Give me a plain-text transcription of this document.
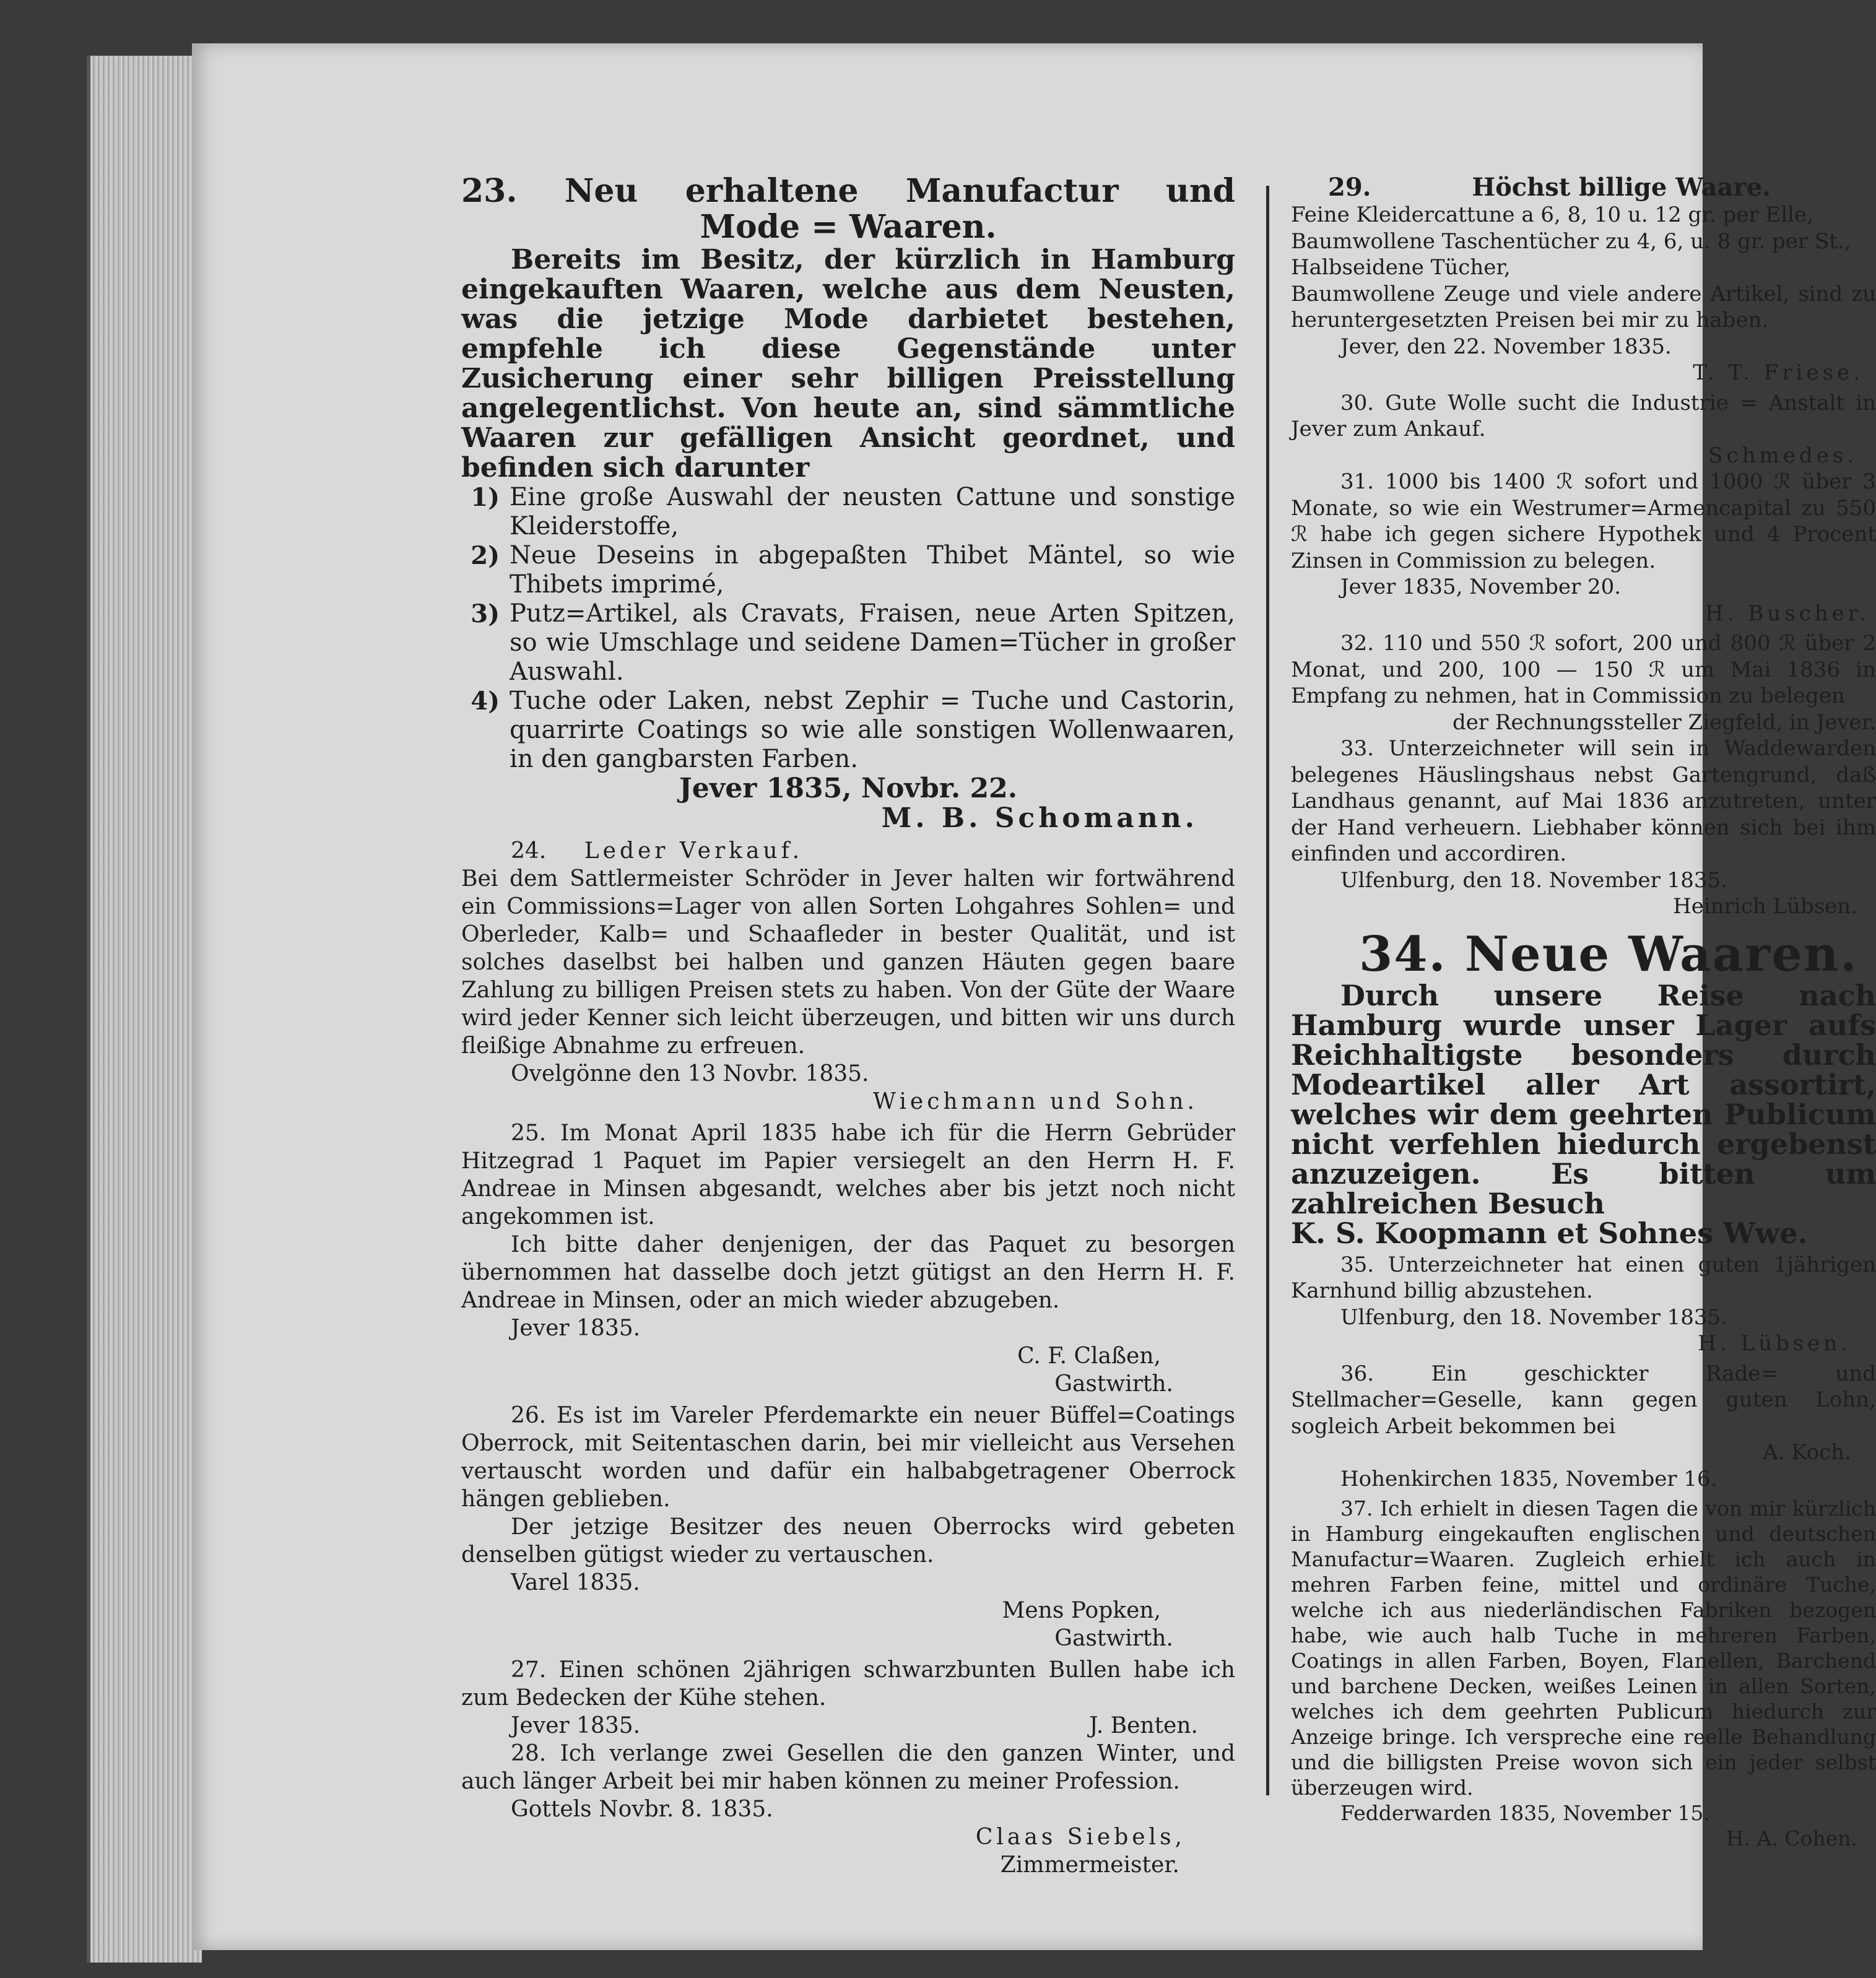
23. Neu erhaltene Manufactur und

Mode = Waaren.

Bereits im Besitz, der kürzlich in Hamburg eingekauften Waaren, welche aus dem Neusten, was die jetzige Mode darbietet bestehen, empfehle ich diese Gegenstände unter Zusicherung einer sehr billigen Preisstellung angelegentlichst. Von heute an, sind sämmtliche Waaren zur gefälligen Ansicht geordnet, und befinden sich darunter

1) Eine große Auswahl der neusten Cattune und sonstige Kleiderstoffe,
2) Neue Deseins in abgepaßten Thibet Mäntel, so wie Thibets imprimé,
3) Putz=Artikel, als Cravats, Fraisen, neue Arten Spitzen, so wie Umschlage und seidene Damen=Tücher in großer Auswahl.
4) Tuche oder Laken, nebst Zephir = Tuche und Castorin, quarrirte Coatings so wie alle sonstigen Wollenwaaren, in den gangbarsten Farben.

Jever 1835, Novbr. 22.

M. B. Schomann.

24. Leder Verkauf.

Bei dem Sattlermeister Schröder in Jever halten wir fortwährend ein Commissions=Lager von allen Sorten Lohgahres Sohlen= und Oberleder, Kalb= und Schaafleder in bester Qualität, und ist solches daselbst bei halben und ganzen Häuten gegen baare Zahlung zu billigen Preisen stets zu haben. Von der Güte der Waare wird jeder Kenner sich leicht überzeugen, und bitten wir uns durch fleißige Abnahme zu erfreuen.

Ovelgönne den 13 Novbr. 1835.

Wiechmann und Sohn.

25. Im Monat April 1835 habe ich für die Herrn Gebrüder Hitzegrad 1 Paquet im Papier versiegelt an den Herrn H. F. Andreae in Minsen abgesandt, welches aber bis jetzt noch nicht angekommen ist.

Ich bitte daher denjenigen, der das Paquet zu besorgen übernommen hat dasselbe doch jetzt gütigst an den Herrn H. F. Andreae in Minsen, oder an mich wieder abzugeben.

Jever 1835.

C. F. Claßen,

Gastwirth.

26. Es ist im Vareler Pferdemarkte ein neuer Büffel=Coatings Oberrock, mit Seitentaschen darin, bei mir vielleicht aus Versehen vertauscht worden und dafür ein halbabgetragener Oberrock hängen geblieben.

Der jetzige Besitzer des neuen Oberrocks wird gebeten denselben gütigst wieder zu vertauschen.

Varel 1835.

Mens Popken,

Gastwirth.

27. Einen schönen 2jährigen schwarzbunten Bullen habe ich zum Bedecken der Kühe stehen.

Jever 1835.	J. Benten.

28. Ich verlange zwei Gesellen die den ganzen Winter, und auch länger Arbeit bei mir haben können zu meiner Profession.

Gottels Novbr. 8. 1835.

Claas Siebels,

Zimmermeister.

29.	Höchst billige Waare.

Feine Kleidercattune a 6, 8, 10 u. 12 gr. per Elle,

Baumwollene Taschentücher zu 4, 6, u. 8 gr. per St.,

Halbseidene Tücher,

Baumwollene Zeuge und viele andere Artikel, sind zu heruntergesetzten Preisen bei mir zu haben.

Jever, den 22. November 1835.

T. T. Friese.

30. Gute Wolle sucht die Industrie = Anstalt in Jever zum Ankauf.

Schmedes.

31. 1000 bis 1400 ℛ sofort und 1000 ℛ über 3 Monate, so wie ein Westrumer=Armencapital zu 550 ℛ habe ich gegen sichere Hypothek und 4 Procent Zinsen in Commission zu belegen.

Jever 1835, November 20.

H. Buscher.

32. 110 und 550 ℛ sofort, 200 und 800 ℛ über 2 Monat, und 200, 100 — 150 ℛ um Mai 1836 in Empfang zu nehmen, hat in Commission zu belegen

der Rechnungssteller Ziegfeld, in Jever.

33. Unterzeichneter will sein in Waddewarden belegenes Häuslingshaus nebst Gartengrund, daß Landhaus genannt, auf Mai 1836 anzutreten, unter der Hand verheuern. Liebhaber können sich bei ihm einfinden und accordiren.

Ulfenburg, den 18. November 1835.

Heinrich Lübsen.

34. Neue Waaren.

Durch unsere Reise nach Hamburg wurde unser Lager aufs Reichhaltigste besonders durch Modeartikel aller Art assortirt, welches wir dem geehrten Publicum nicht verfehlen hiedurch ergebenst anzuzeigen. Es bitten um zahlreichen Besuch

K. S. Koopmann et Sohnes Wwe.

35. Unterzeichneter hat einen guten 1jährigen Karnhund billig abzustehen.

Ulfenburg, den 18. November 1835.

H. Lübsen.

36.	Ein geschickter Rade= und Stellmacher=Geselle, kann gegen guten Lohn, sogleich Arbeit bekommen bei

A. Koch.

Hohenkirchen 1835, November 16.

37. Ich erhielt in diesen Tagen die von mir kürzlich in Hamburg eingekauften englischen und deutschen Manufactur=Waaren. Zugleich erhielt ich auch in mehren Farben feine, mittel und ordinäre Tuche, welche ich aus niederländischen Fabriken bezogen habe, wie auch halb Tuche in mehreren Farben, Coatings in allen Farben, Boyen, Flanellen, Barchend und barchene Decken, weißes Leinen in allen Sorten, welches ich dem geehrten Publicum hiedurch zur Anzeige bringe. Ich verspreche eine reelle Behandlung und die billigsten Preise wovon sich ein jeder selbst überzeugen wird.

Fedderwarden 1835, November 15.

H. A. Cohen.
